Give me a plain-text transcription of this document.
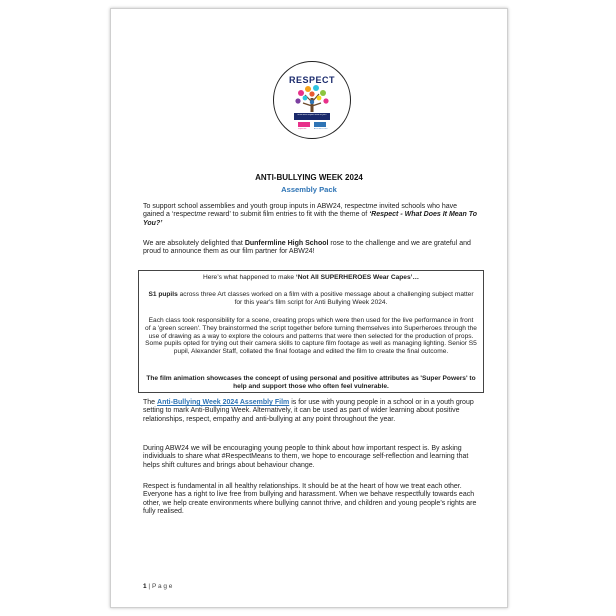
RESPECT
What does respect mean to you?
respectme	ANTI-BULLYING
ANTI-BULLYING WEEK 2024
Assembly Pack
To support school assemblies and youth group inputs in ABW24, respectme invited schools who have gained a ‘respectme reward’ to submit film entries to fit with the theme of ‘Respect - What Does It Mean To You?’
We are absolutely delighted that Dunfermline High School rose to the challenge and we are grateful and proud to announce them as our film partner for ABW24!
Here’s what happened to make ‘Not All SUPERHEROES Wear Capes’…
S1 pupils across three Art classes worked on a film with a positive message about a challenging subject matter for this year's film script for Anti Bullying Week 2024.
Each class took responsibility for a scene, creating props which were then used for the live performance in front of a 'green screen'. They brainstormed the script together before turning themselves into Superheroes through the use of drawing as a way to explore the colours and patterns that were then selected for the production of props. Some pupils opted for trying out their camera skills to capture film footage as well as managing lighting. Senior S5 pupil, Alexander Staff, collated the final footage and edited the film to create the final outcome.
The film animation showcases the concept of using personal and positive attributes as 'Super Powers' to help and support those who often feel vulnerable.
The Anti-Bullying Week 2024 Assembly Film is for use with young people in a school or in a youth group setting to mark Anti-Bullying Week. Alternatively, it can be used as part of wider learning about positive relationships, respect, empathy and anti-bullying at any point throughout the year.
During ABW24 we will be encouraging young people to think about how important respect is. By asking individuals to share what #RespectMeans to them, we hope to encourage self-reflection and learning that helps shift cultures and brings about behaviour change.
Respect is fundamental in all healthy relationships. It should be at the heart of how we treat each other. Everyone has a right to live free from bullying and harassment. When we behave respectfully towards each other, we help create environments where bullying cannot thrive, and children and young people’s rights are fully realised.
1 | P a g e
